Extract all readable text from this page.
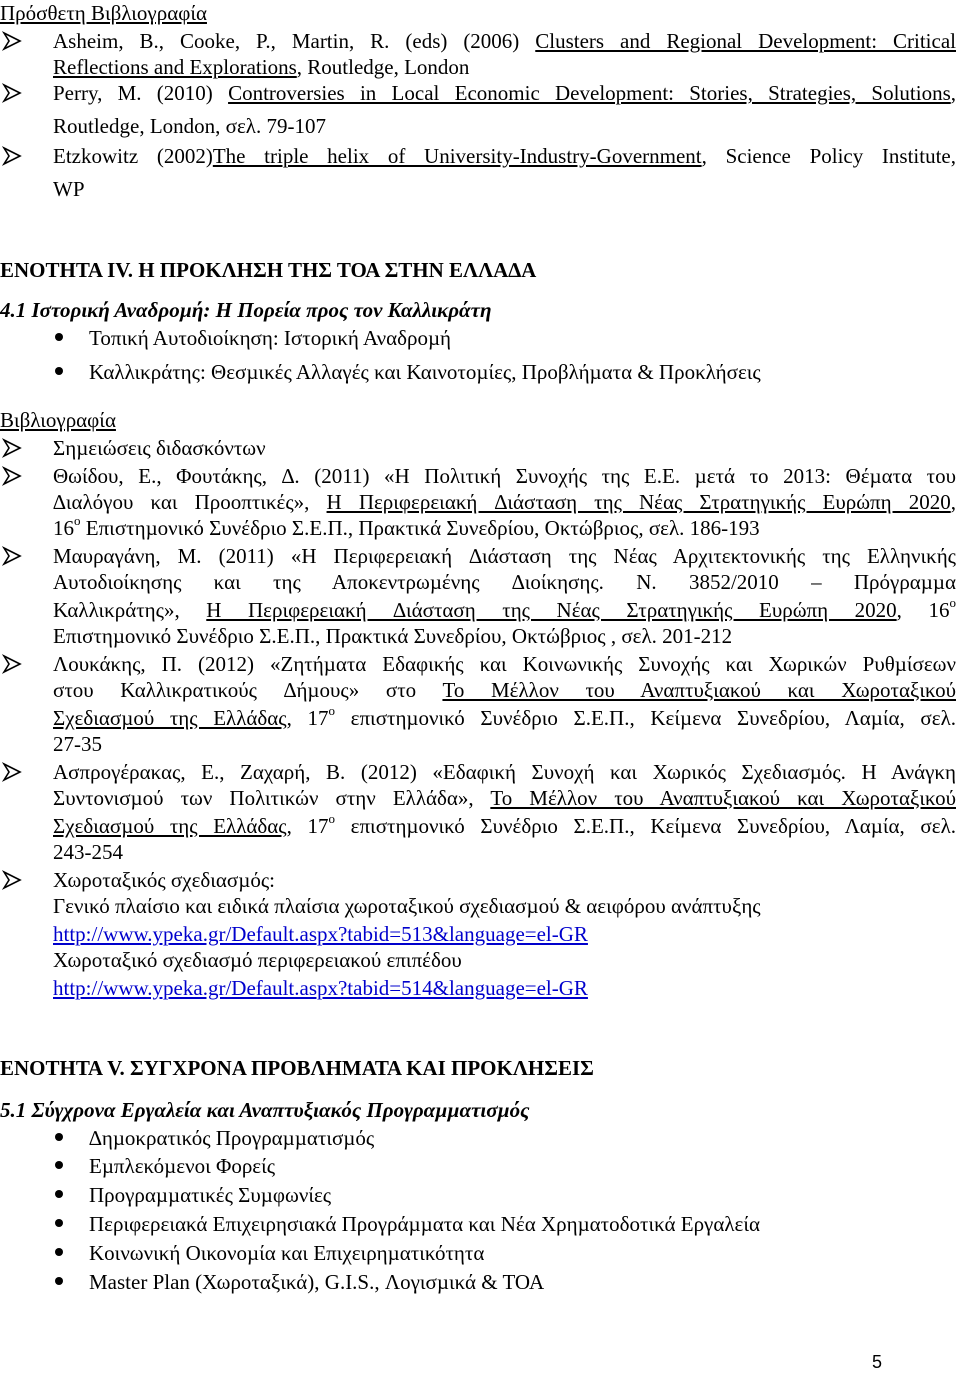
Πρόσθετη Βιβλιογραφία
Asheim, B., Cooke, P., Martin, R. (eds) (2006) Clusters and Regional Development: Critical
Reflections and Explorations, Routledge, London
Perry, M. (2010) Controversies in Local Economic Development: Stories, Strategies, Solutions,
Routledge, London, σελ. 79-107
Etzkowitz (2002)The triple helix of University-Industry-Government, Science Policy Institute,
WP
ΕΝΟΤΗΤΑ IV. Η ΠΡΟΚΛΗΣΗ ΤΗΣ ΤΟΑ ΣΤΗΝ ΕΛΛΑ∆Α
4.1 Ιστορική Αναδροµή: Η Πορεία προς τον Καλλικράτη
Τοπική Αυτοδιοίκηση: Ιστορική Αναδροµή
Καλλικράτης: Θεσµικές Αλλαγές και Καινοτοµίες, Προβλήµατα & Προκλήσεις
Βιβλιογραφία
Σηµειώσεις διδασκόντων
Θωίδου, Ε., Φουτάκης, ∆. (2011) «Η Πολιτική Συνοχής της Ε.Ε. µετά το 2013: Θέµατα του
∆ιαλόγου και Προοπτικές», Η Περιφερειακή ∆ιάσταση της Νέας Στρατηγικής Ευρώπη 2020,
$16^o$ Επιστηµονικό Συνέδριο Σ.Ε.Π., Πρακτικά Συνεδρίου, Οκτώβριος, σελ. 186-193
Μαυραγάνη, Μ. (2011) «Η Περιφερειακή ∆ιάσταση της Νέας Αρχιτεκτονικής της Ελληνικής
Αυτοδιοίκησης και της Αποκεντρωµένης ∆ιοίκησης. Ν. 3852/2010 – Πρόγραµµα
Καλλικράτης», Η Περιφερειακή ∆ιάσταση της Νέας Στρατηγικής Ευρώπη 2020, $16^o$
Επιστηµονικό Συνέδριο Σ.Ε.Π., Πρακτικά Συνεδρίου, Οκτώβριος , σελ. 201-212
Λουκάκης, Π. (2012) «Ζητήµατα Εδαφικής και Κοινωνικής Συνοχής και Χωρικών Ρυθµίσεων
στου Καλλικρατικούς ∆ήµους» στο Το Μέλλον του Αναπτυξιακού και Χωροταξικού
Σχεδιασµού της Ελλάδας, $17^o$ επιστηµονικό Συνέδριο Σ.Ε.Π., Κείµενα Συνεδρίου, Λαµία, σελ.
27-35
Ασπρογέρακας, Ε., Ζαχαρή, Β. (2012) «Εδαφική Συνοχή και Χωρικός Σχεδιασµός. Η Ανάγκη
Συντονισµού των Πολιτικών στην Ελλάδα», Το Μέλλον του Αναπτυξιακού και Χωροταξικού
Σχεδιασµού της Ελλάδας, $17^o$ επιστηµονικό Συνέδριο Σ.Ε.Π., Κείµενα Συνεδρίου, Λαµία, σελ.
243-254
Χωροταξικός σχεδιασµός:
Γενικό πλαίσιο και ειδικά πλαίσια χωροταξικού σχεδιασµού & αειφόρου ανάπτυξης
http://www.ypeka.gr/Default.aspx?tabid=513&language=el-GR
Χωροταξικό σχεδιασµό περιφερειακού επιπέδου
http://www.ypeka.gr/Default.aspx?tabid=514&language=el-GR
ΕΝΟΤΗΤΑ V. ΣΥΓΧΡΟΝΑ ΠΡΟΒΛΗΜΑΤΑ ΚΑΙ ΠΡΟΚΛΗΣΕΙΣ
5.1 Σύγχρονα Εργαλεία και Αναπτυξιακός Προγραµµατισµός
∆ηµοκρατικός Προγραµµατισµός
Εµπλεκόµενοι Φορείς
Προγραµµατικές Συµφωνίες
Περιφερειακά Επιχειρησιακά Προγράµµατα και Νέα Χρηµατοδοτικά Εργαλεία
Κοινωνική Οικονοµία και Επιχειρηµατικότητα
Master Plan (Χωροταξικά), G.I.S., Λογισµικά & ΤΟΑ
5
